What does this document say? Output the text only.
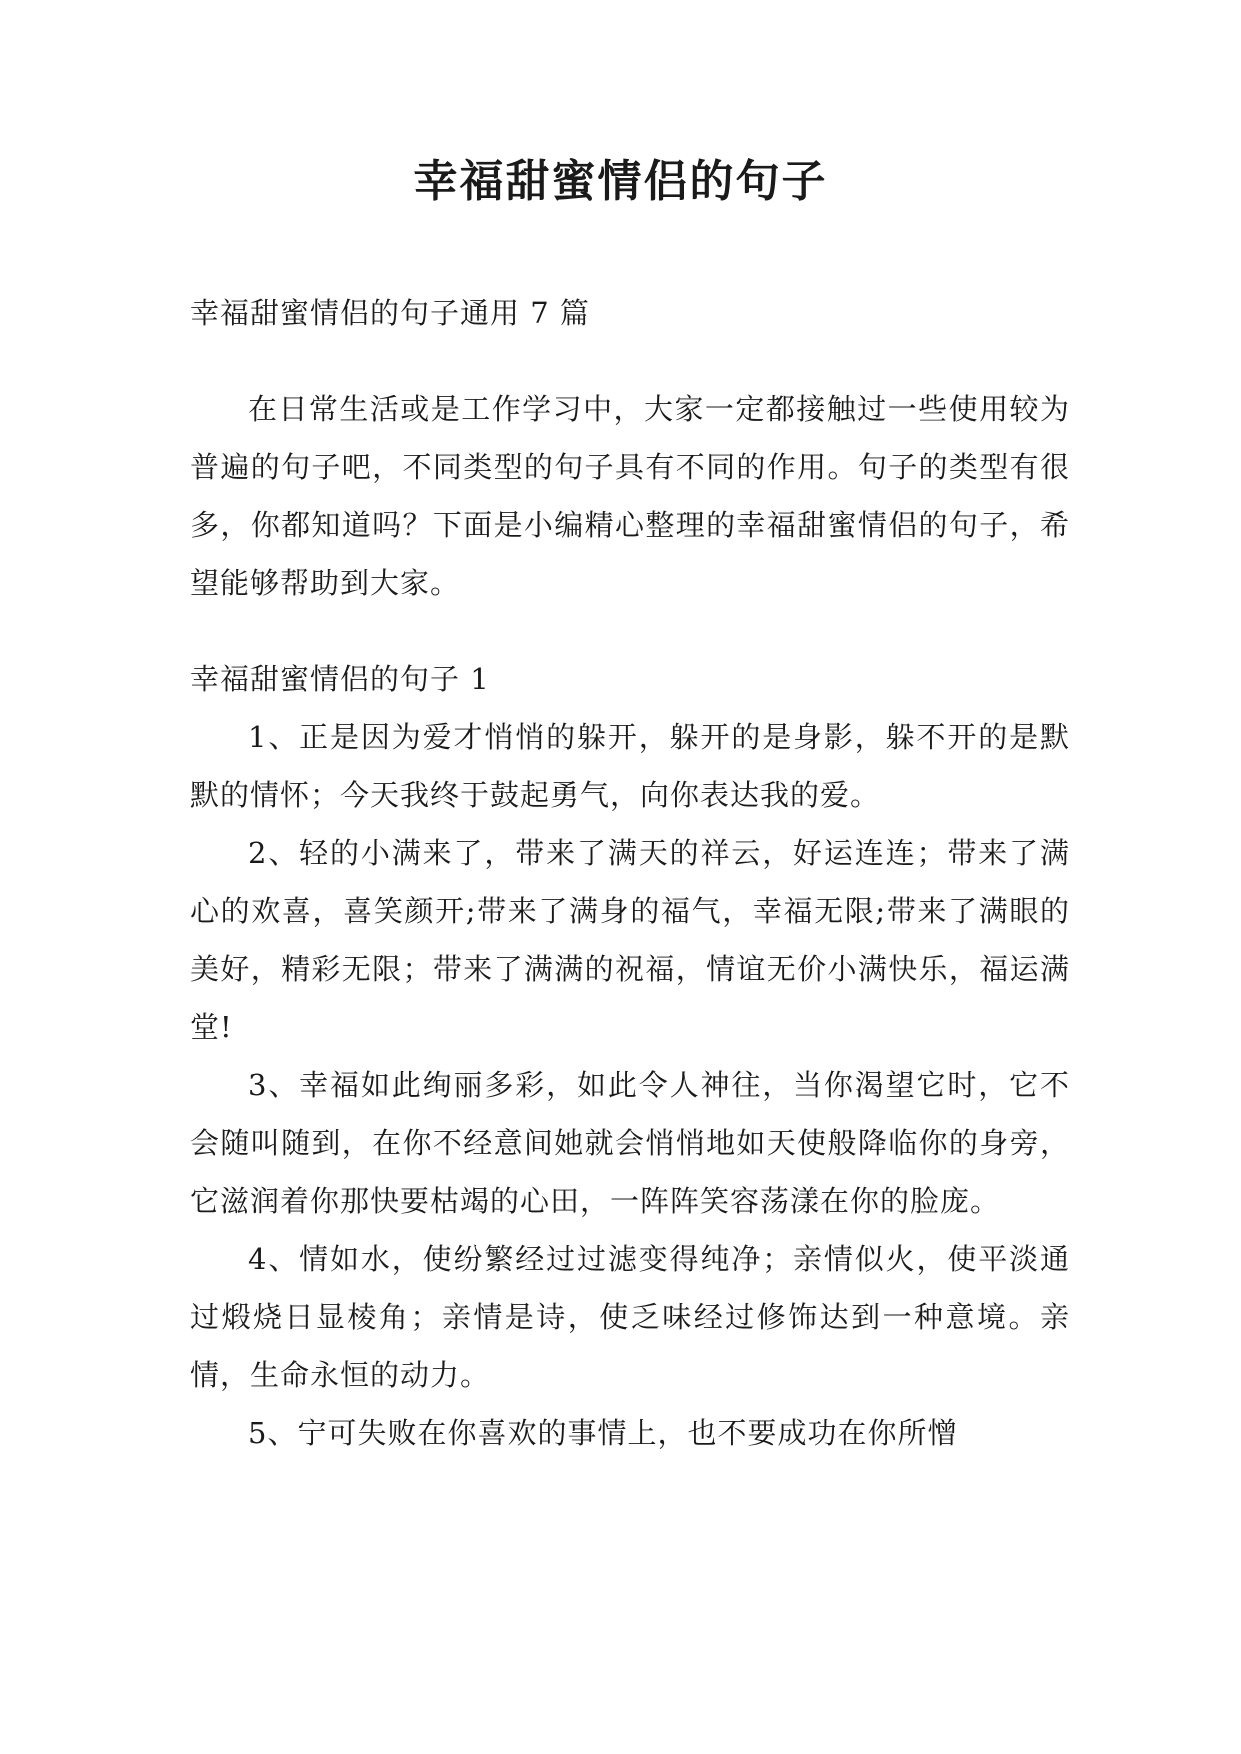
幸福甜蜜情侣的句子

幸福甜蜜情侣的句子通用 7 篇

在日常生活或是工作学习中，大家一定都接触过一些使用较为普遍的句子吧，不同类型的句子具有不同的作用。句子的类型有很多，你都知道吗？下面是小编精心整理的幸福甜蜜情侣的句子，希望能够帮助到大家。

幸福甜蜜情侣的句子 1

1、正是因为爱才悄悄的躲开，躲开的是身影，躲不开的是默默的情怀；今天我终于鼓起勇气，向你表达我的爱。

2、轻的小满来了，带来了满天的祥云，好运连连；带来了满心的欢喜，喜笑颜开;带来了满身的福气，幸福无限;带来了满眼的美好，精彩无限；带来了满满的祝福，情谊无价小满快乐，福运满堂!

3、幸福如此绚丽多彩，如此令人神往，当你渴望它时，它不会随叫随到，在你不经意间她就会悄悄地如天使般降临你的身旁，它滋润着你那快要枯竭的心田，一阵阵笑容荡漾在你的脸庞。

4、情如水，使纷繁经过过滤变得纯净；亲情似火，使平淡通过煅烧日显棱角；亲情是诗，使乏味经过修饰达到一种意境。亲情，生命永恒的动力。

5、宁可失败在你喜欢的事情上，也不要成功在你所憎
